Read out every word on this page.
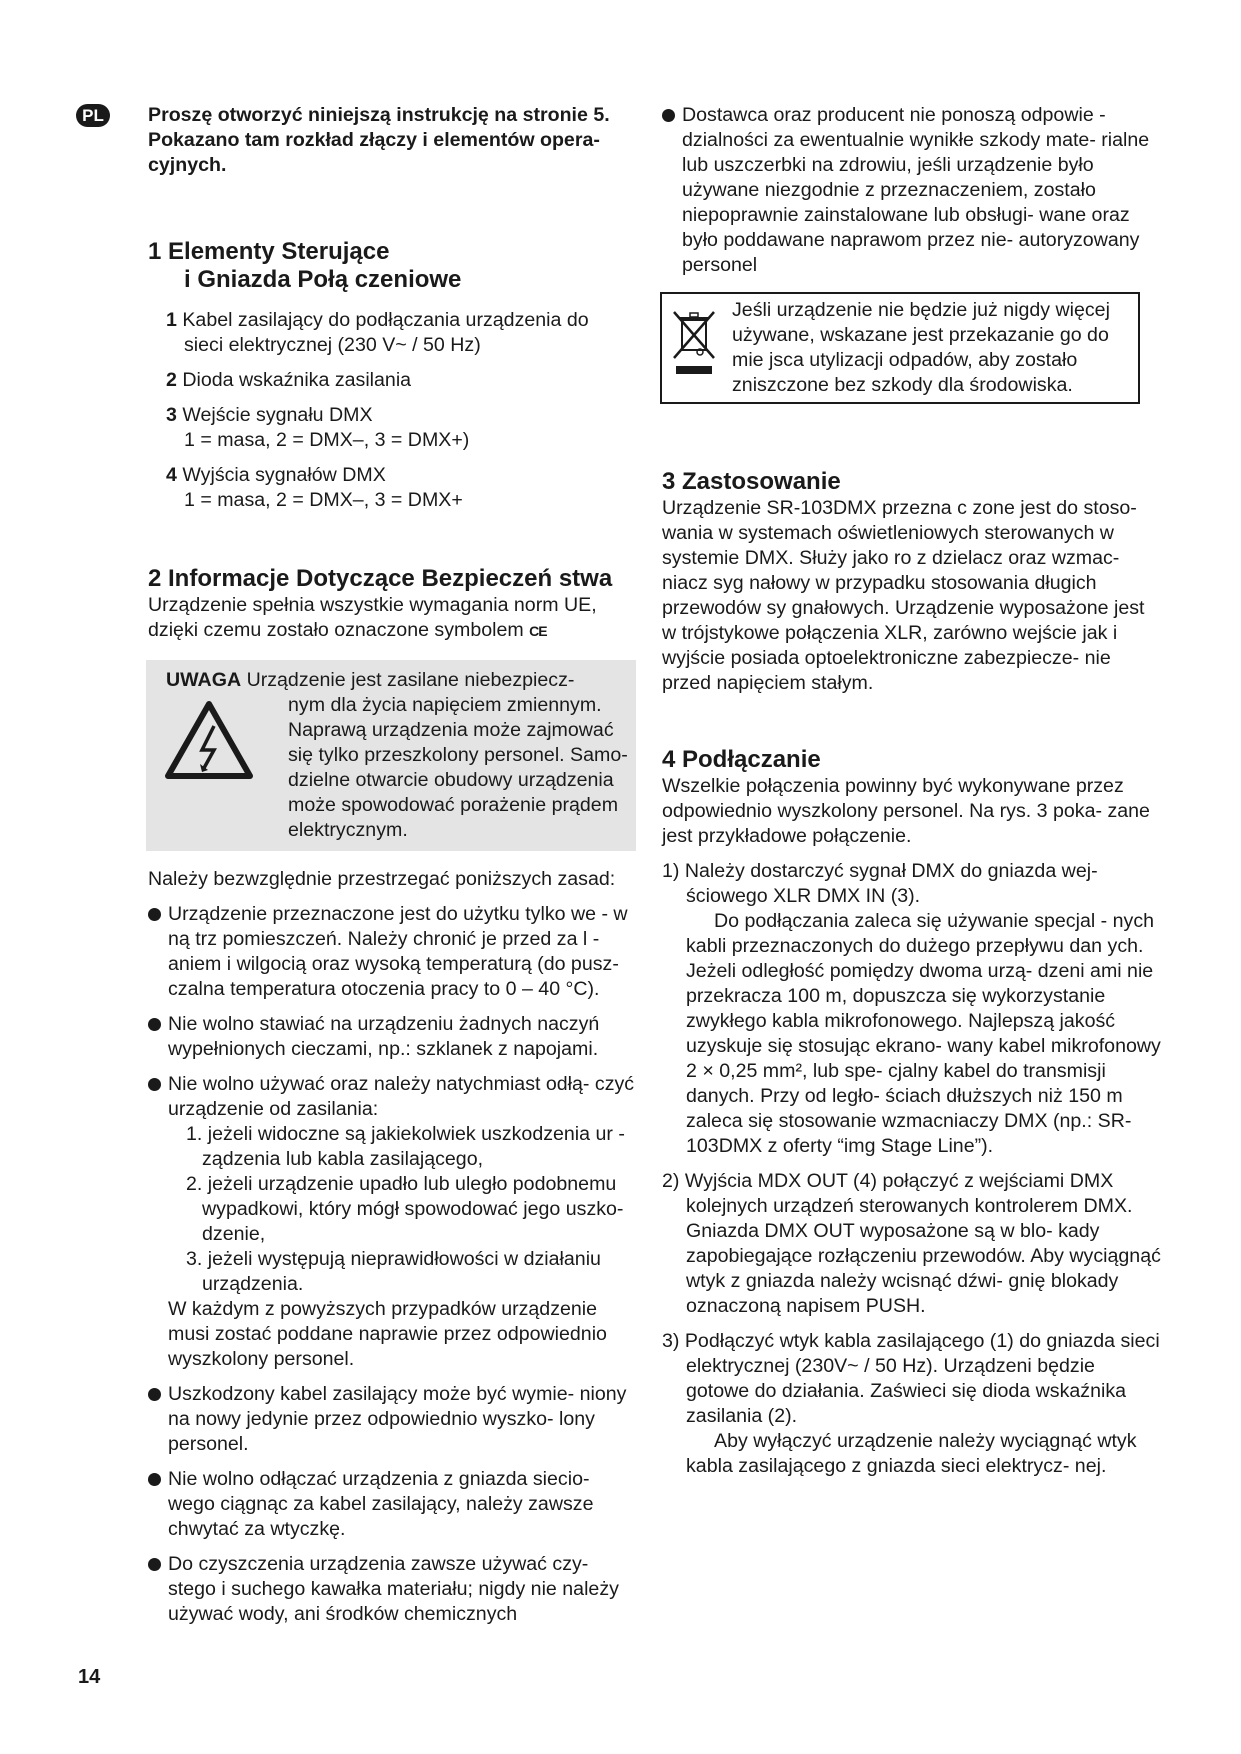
PL	Proszę otworzyć niniejszą instrukcję na stronie 5.

Pokazano tam rozkład złączy i elementów opera-

cyjnych.

1 Elementy Sterujące
i Gniazda Połą czeniowe
1 Kabel zasilający do podłączania urządzenia do
sieci elektrycznej (230 V~ / 50 Hz)
2 Dioda wskaźnika zasilania
3 Wejście sygnału DMX
1 = masa, 2 = DMX–, 3 = DMX+)
4 Wyjścia sygnałów DMX
1 = masa, 2 = DMX–, 3 = DMX+
2 Informacje Dotyczące Bezpieczeń stwa

Urządzenie spełnia wszystkie wymagania norm UE,
dzięki czemu zostało oznaczone symbolem CE

UWAGA Urządzenie jest zasilane niebezpiecz-
nym dla życia napięciem zmiennym.
Naprawą urządzenia może zajmować
się tylko przeszkolony personel. Samo-
dzielne otwarcie obudowy urządzenia
może spowodować porażenie prądem
elektrycznym.

Należy bezwzględnie przestrzegać poniższych zasad:

Urządzenie przeznaczone jest do użytku tylko we - w ną trz pomieszczeń. Należy chronić je przed za l - aniem i wilgocią oraz wysoką temperaturą (do pusz- czalna temperatura otoczenia pracy to 0 – 40 °C).
Nie wolno stawiać na urządzeniu żadnych naczyń wypełnionych cieczami, np.: szklanek z napojami.
Nie wolno używać oraz należy natychmiast odłą- czyć urządzenie od zasilania:
1. jeżeli widoczne są jakiekolwiek uszkodzenia ur - ządzenia lub kabla zasilającego,
2. jeżeli urządzenie upadło lub uległo podobnemu wypadkowi, który mógł spowodować jego uszko- dzenie,
3. jeżeli występują nieprawidłowości w działaniu urządzenia.
W każdym z powyższych przypadków urządzenie musi zostać poddane naprawie przez odpowiednio wyszkolony personel.
Uszkodzony kabel zasilający może być wymie- niony na nowy jedynie przez odpowiednio wyszko- lony personel.
Nie wolno odłączać urządzenia z gniazda siecio- wego ciągnąc za kabel zasilający, należy zawsze chwytać za wtyczkę.
Do czyszczenia urządzenia zawsze używać czy- stego i suchego kawałka materiału; nigdy nie należy używać wody, ani środków chemicznych
Dostawca oraz producent nie ponoszą odpowie - dzialności za ewentualnie wynikłe szkody mate- rialne lub uszczerbki na zdrowiu, jeśli urządzenie było używane niezgodnie z przeznaczeniem, zostało niepoprawnie zainstalowane lub obsługi- wane oraz było poddawane naprawom przez nie- autoryzowany personel
Jeśli urządzenie nie będzie już nigdy więcej używane, wskazane jest przekazanie go do mie jsca utylizacji odpadów, aby zostało zniszczone bez szkody dla środowiska.
3 Zastosowanie

Urządzenie SR-103DMX przezna c zone jest do stoso- wania w systemach oświetleniowych sterowanych w systemie DMX. Służy jako ro z dzielacz oraz wzmac- niacz syg nałowy w przypadku stosowania długich przewodów sy gnałowych. Urządzenie wyposażone jest w trójstykowe połączenia XLR, zarówno wejście jak i wyjście posiada optoelektroniczne zabezpiecze- nie przed napięciem stałym.

4 Podłączanie

Wszelkie połączenia powinny być wykonywane przez odpowiednio wyszkolony personel. Na rys. 3 poka- zane jest przykładowe połączenie.

1) Należy dostarczyć sygnał DMX do gniazda wej- ściowego XLR DMX IN (3).
Do podłączania zaleca się używanie specjal - nych kabli przeznaczonych do dużego przepływu dan ych. Jeżeli odległość pomiędzy dwoma urzą- dzeni ami nie przekracza 100 m, dopuszcza się wykorzystanie zwykłego kabla mikrofonowego. Najlepszą jakość uzyskuje się stosując ekrano- wany kabel mikrofonowy 2 × 0,25 mm², lub spe- cjalny kabel do transmisji danych. Przy od legło- ściach dłuższych niż 150 m zaleca się stosowanie wzmacniaczy DMX (np.: SR-103DMX z oferty “img Stage Line”).
2) Wyjścia MDX OUT (4) połączyć z wejściami DMX kolejnych urządzeń sterowanych kontrolerem DMX. Gniazda DMX OUT wyposażone są w blo- kady zapobiegające rozłączeniu przewodów. Aby wyciągnąć wtyk z gniazda należy wcisnąć dźwi- gnię blokady oznaczoną napisem PUSH.
3) Podłączyć wtyk kabla zasilającego (1) do gniazda sieci elektrycznej (230V~ / 50 Hz). Urządzeni będzie gotowe do działania. Zaświeci się dioda wskaźnika zasilania (2).
Aby wyłączyć urządzenie należy wyciągnąć wtyk kabla zasilającego z gniazda sieci elektrycz- nej.
14
